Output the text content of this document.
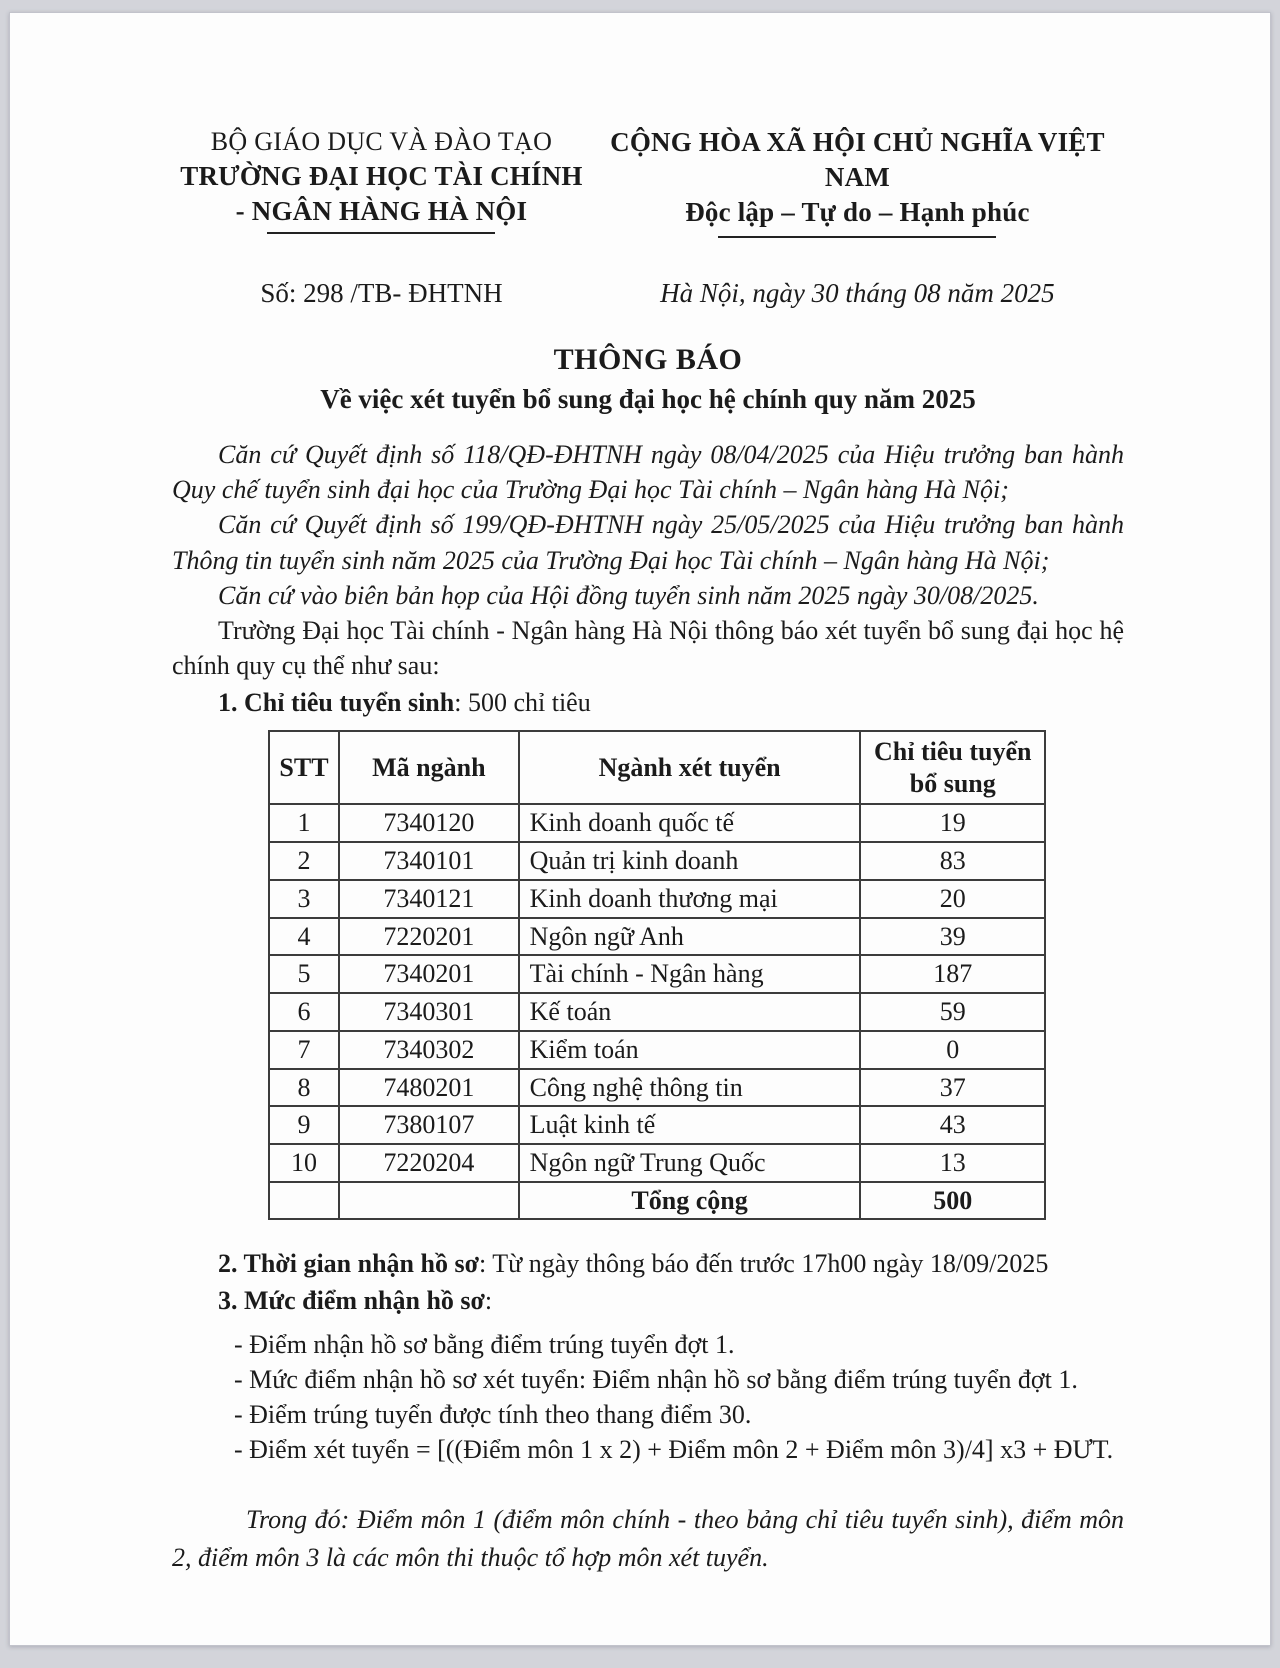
BỘ GIÁO DỤC VÀ ĐÀO TẠO
TRƯỜNG ĐẠI HỌC TÀI CHÍNH
- NGÂN HÀNG HÀ NỘI
CỘNG HÒA XÃ HỘI CHỦ NGHĨA VIỆT NAM
Độc lập – Tự do – Hạnh phúc
Số: 298 /TB- ĐHTNH	Hà Nội, ngày 30 tháng 08 năm 2025
THÔNG BÁO
Về việc xét tuyển bổ sung đại học hệ chính quy năm 2025

Căn cứ Quyết định số 118/QĐ-ĐHTNH ngày 08/04/2025 của Hiệu trưởng ban hành Quy chế tuyển sinh đại học của Trường Đại học Tài chính – Ngân hàng Hà Nội;

Căn cứ Quyết định số 199/QĐ-ĐHTNH ngày 25/05/2025 của Hiệu trưởng ban hành Thông tin tuyển sinh năm 2025 của Trường Đại học Tài chính – Ngân hàng Hà Nội;

Căn cứ vào biên bản họp của Hội đồng tuyển sinh năm 2025 ngày 30/08/2025.

Trường Đại học Tài chính - Ngân hàng Hà Nội thông báo xét tuyển bổ sung đại học hệ chính quy cụ thể như sau:

1. Chỉ tiêu tuyển sinh: 500 chỉ tiêu

STT	Mã ngành	Ngành xét tuyển	Chỉ tiêu tuyển bổ sung
1	7340120	Kinh doanh quốc tế	19
2	7340101	Quản trị kinh doanh	83
3	7340121	Kinh doanh thương mại	20
4	7220201	Ngôn ngữ Anh	39
5	7340201	Tài chính - Ngân hàng	187
6	7340301	Kế toán	59
7	7340302	Kiểm toán	0
8	7480201	Công nghệ thông tin	37
9	7380107	Luật kinh tế	43
10	7220204	Ngôn ngữ Trung Quốc	13
		Tổng cộng	500

2. Thời gian nhận hồ sơ: Từ ngày thông báo đến trước 17h00 ngày 18/09/2025

3. Mức điểm nhận hồ sơ:

- Điểm nhận hồ sơ bằng điểm trúng tuyển đợt 1.

- Mức điểm nhận hồ sơ xét tuyển: Điểm nhận hồ sơ bằng điểm trúng tuyển đợt 1.

- Điểm trúng tuyển được tính theo thang điểm 30.

- Điểm xét tuyển = [((Điểm môn 1 x 2) + Điểm môn 2 + Điểm môn 3)/4] x3 + ĐƯT.

Trong đó: Điểm môn 1 (điểm môn chính - theo bảng chỉ tiêu tuyển sinh), điểm môn 2, điểm môn 3 là các môn thi thuộc tổ hợp môn xét tuyển.
